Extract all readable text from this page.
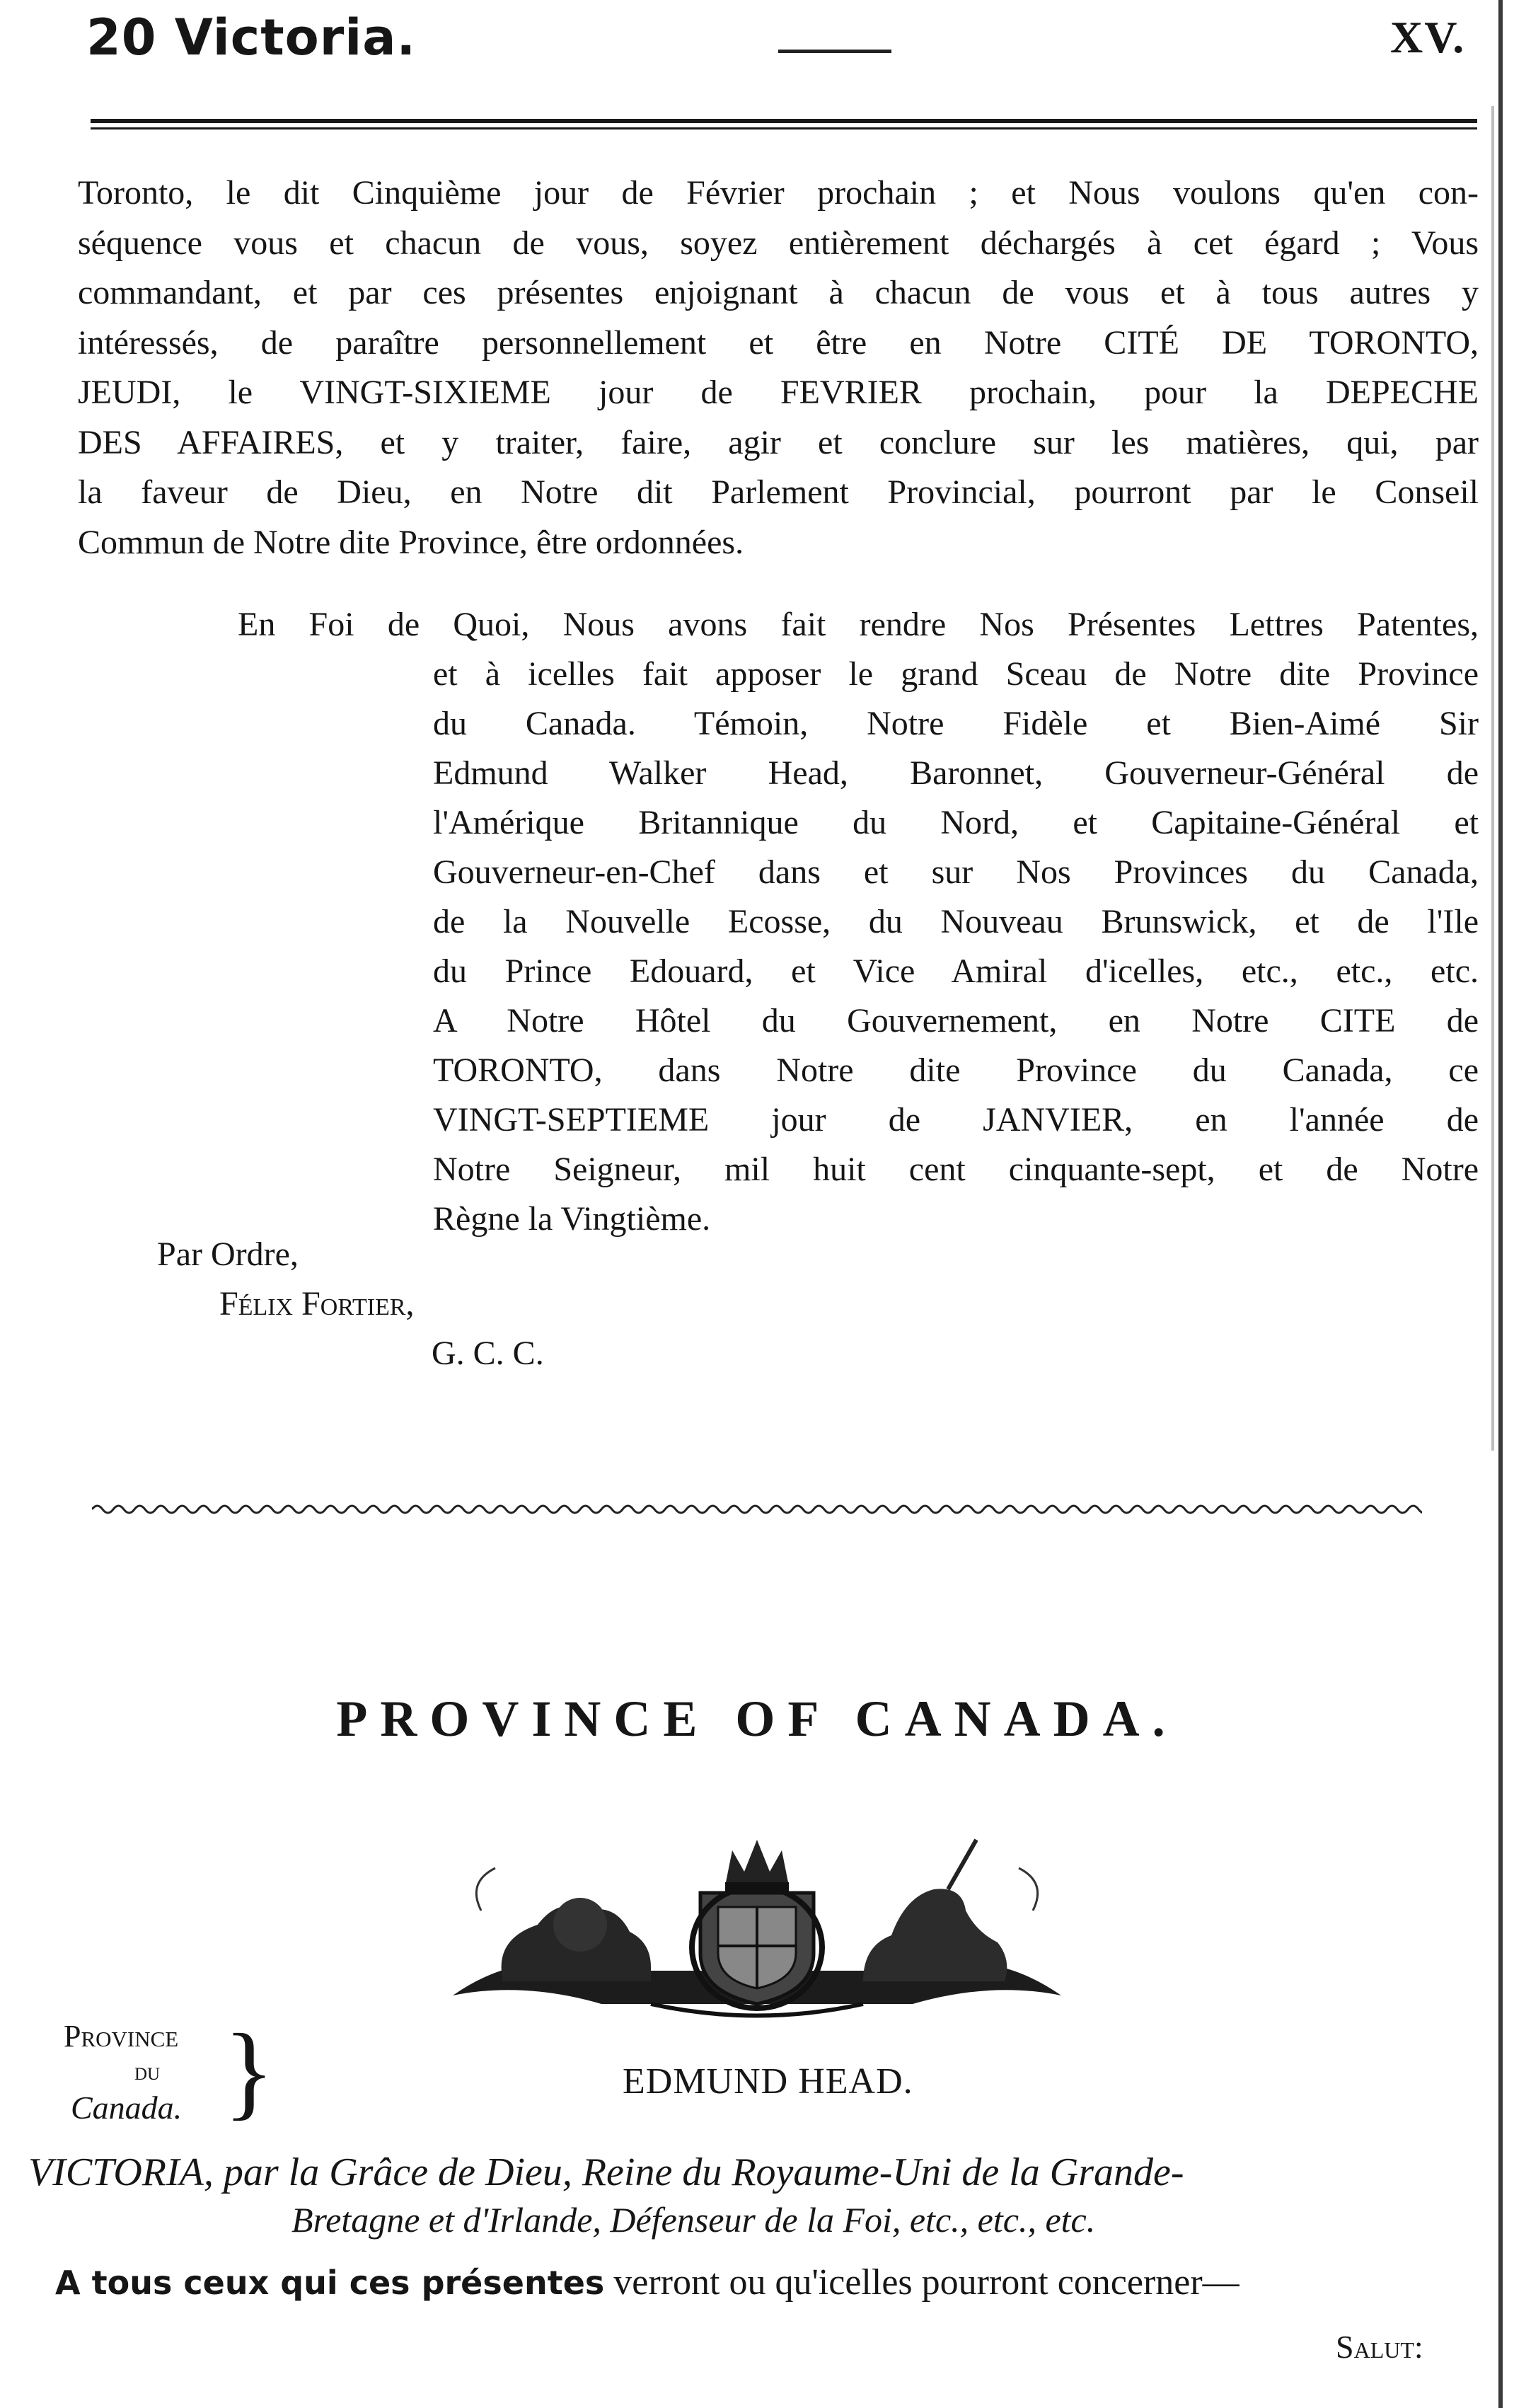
20 Victoria.	XV.
Toronto, le dit Cinquième jour de Février prochain ; et Nous voulons qu'en con-
séquence vous et chacun de vous, soyez entièrement déchargés à cet égard ; Vous
commandant, et par ces présentes enjoignant à chacun de vous et à tous autres y
intéressés, de paraître personnellement et être en Notre CITÉ DE TORONTO,
JEUDI, le VINGT-SIXIEME jour de FEVRIER prochain, pour la DEPECHE
DES AFFAIRES, et y traiter, faire, agir et conclure sur les matières, qui, par
la faveur de Dieu, en Notre dit Parlement Provincial, pourront par le Conseil
Commun de Notre dite Province, être ordonnées.
En Foi de Quoi, Nous avons fait rendre Nos Présentes Lettres Patentes,
et à icelles fait apposer le grand Sceau de Notre dite Province
du Canada. Témoin, Notre Fidèle et Bien-Aimé Sir
Edmund Walker Head, Baronnet, Gouverneur-Général de
l'Amérique Britannique du Nord, et Capitaine-Général et
Gouverneur-en-Chef dans et sur Nos Provinces du Canada,
de la Nouvelle Ecosse, du Nouveau Brunswick, et de l'Ile
du Prince Edouard, et Vice Amiral d'icelles, etc., etc., etc.
A Notre Hôtel du Gouvernement, en Notre CITE de
TORONTO, dans Notre dite Province du Canada, ce
VINGT-SEPTIEME jour de JANVIER, en l'année de
Notre Seigneur, mil huit cent cinquante-sept, et de Notre
Règne la Vingtième.
Par Ordre,
Félix Fortier,
G. C. C.
PROVINCE OF CANADA.
Province
du
Canada. }	EDMUND HEAD.
VICTORIA, par la Grâce de Dieu, Reine du Royaume-Uni de la Grande-
Bretagne et d'Irlande, Défenseur de la Foi, etc., etc., etc.
A tous ceux qui ces présentes verront ou qu'icelles pourront concerner—
Salut:
